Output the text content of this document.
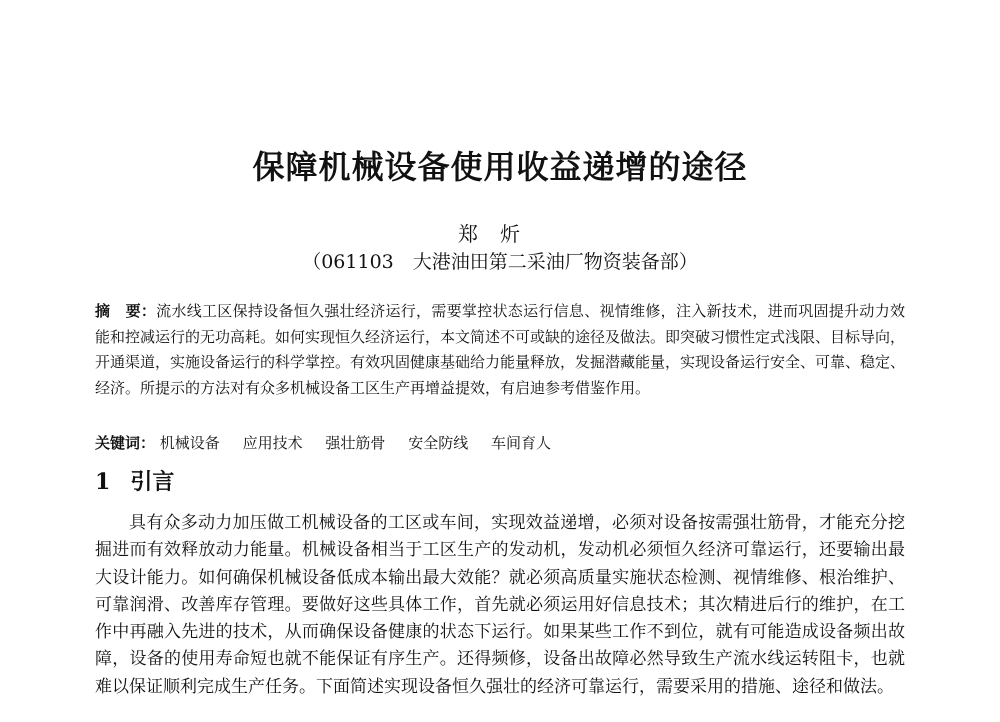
保障机械设备使用收益递增的途径
郑炘
（061103　大港油田第二采油厂物资装备部）
摘　要：流水线工区保持设备恒久强壮经济运行，需要掌控状态运行信息、视情维修，注入新技术，进而巩固提升动力效能和控减运行的无功高耗。如何实现恒久经济运行，本文简述不可或缺的途径及做法。即突破习惯性定式浅限、目标导向，开通渠道，实施设备运行的科学掌控。有效巩固健康基础给力能量释放，发掘潜藏能量，实现设备运行安全、可靠、稳定、经济。所提示的方法对有众多机械设备工区生产再增益提效，有启迪参考借鉴作用。
关键词： 机械设备 应用技术 强壮筋骨 安全防线 车间育人
1 引言
具有众多动力加压做工机械设备的工区或车间，实现效益递增，必须对设备按需强壮筋骨，才能充分挖掘进而有效释放动力能量。机械设备相当于工区生产的发动机，发动机必须恒久经济可靠运行，还要输出最大设计能力。如何确保机械设备低成本输出最大效能？就必须高质量实施状态检测、视情维修、根治维护、可靠润滑、改善库存管理。要做好这些具体工作，首先就必须运用好信息技术；其次精进后行的维护，在工作中再融入先进的技术，从而确保设备健康的状态下运行。如果某些工作不到位，就有可能造成设备频出故障，设备的使用寿命短也就不能保证有序生产。还得频修，设备出故障必然导致生产流水线运转阻卡，也就难以保证顺利完成生产任务。下面简述实现设备恒久强壮的经济可靠运行，需要采用的措施、途径和做法。
